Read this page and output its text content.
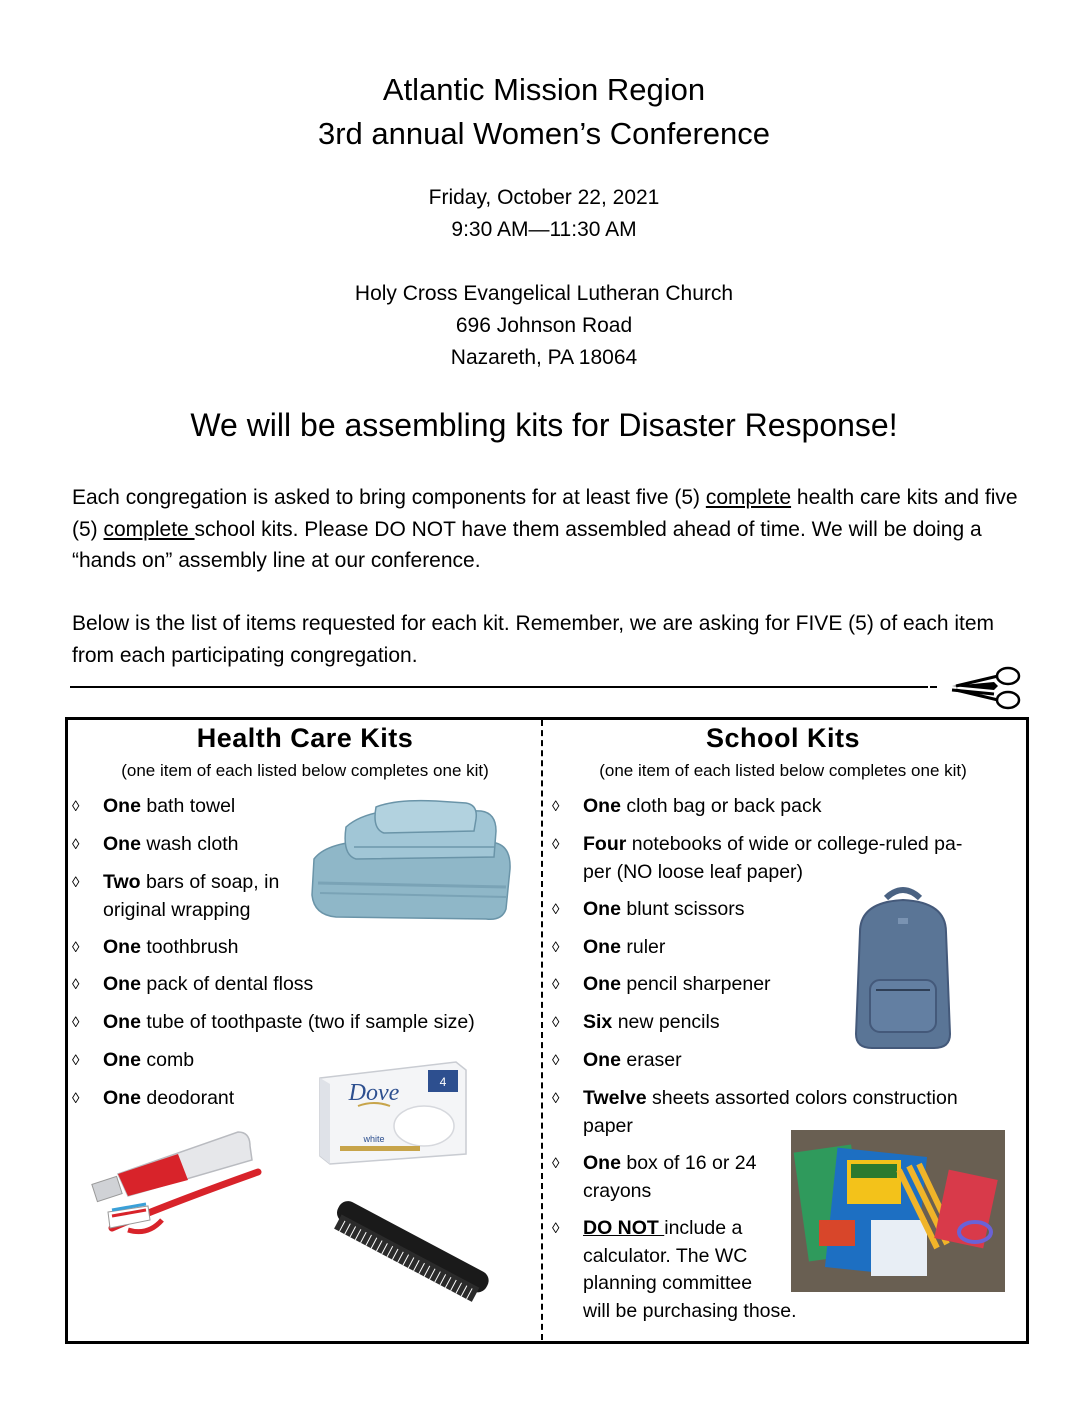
Atlantic Mission Region
3rd annual Women’s Conference
Friday, October 22, 2021
9:30 AM—11:30 AM
Holy Cross Evangelical Lutheran Church
696 Johnson Road
Nazareth, PA 18064
We will be assembling kits for Disaster Response!
Each congregation is asked to bring components for at least five (5) complete health care kits and five (5) complete school kits. Please DO NOT have them assembled ahead of time. We will be doing a “hands on” assembly line at our conference.
Below is the list of items requested for each kit. Remember, we are asking for FIVE (5) of each item from each participating congregation.
Health Care Kits
(one item of each listed below completes one kit)
School Kits
(one item of each listed below completes one kit)
◊ One bath towel
◊ One wash cloth
◊ Two bars of soap, in
original wrapping
◊ One toothbrush
◊ One pack of dental floss
◊ One tube of toothpaste (two if sample size)
◊ One comb
◊ One deodorant
◊ One cloth bag or back pack
◊ Four notebooks of wide or college-ruled pa-
per (NO loose leaf paper)
◊ One blunt scissors
◊ One ruler
◊ One pencil sharpener
◊ Six new pencils
◊ One eraser
◊ Twelve sheets assorted colors construction
paper
◊ One box of 16 or 24
crayons
◊ DO NOT include a
calculator. The WC
planning committee
will be purchasing those.
4
Dove
white
